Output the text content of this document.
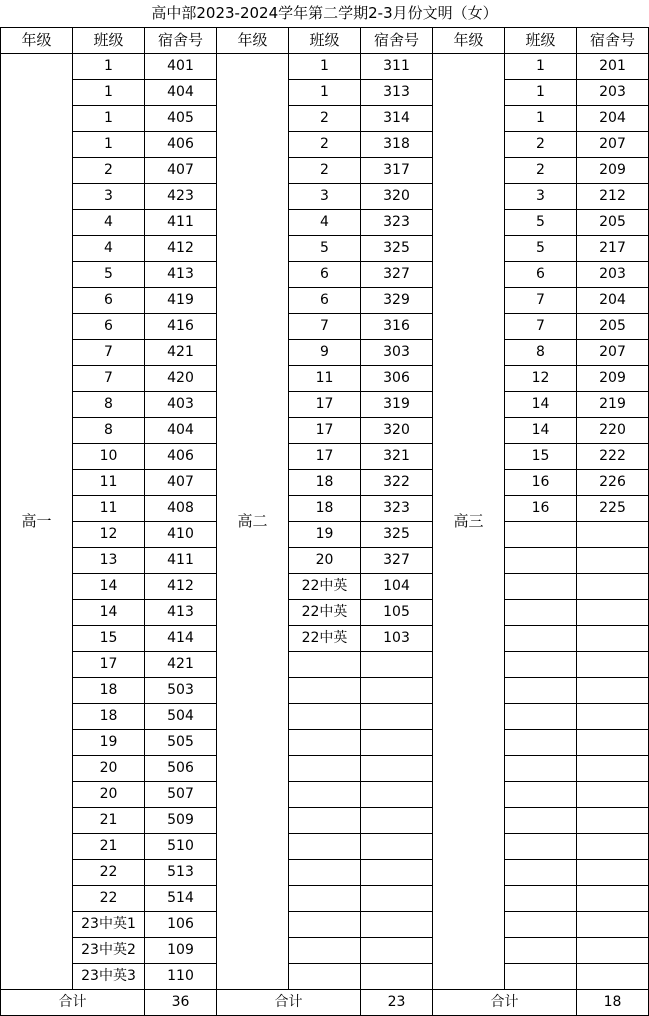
高中部2023-2024学年第二学期2-3月份文明（女）
年级	班级	宿舍号	年级	班级	宿舍号	年级	班级	宿舍号
高一	1	401	高二	1	311	高三	1	201
	1	404		1	313		1	203
	1	405		2	314		1	204
	1	406		2	318		2	207
	2	407		2	317		2	209
	3	423		3	320		3	212
	4	411		4	323		5	205
	4	412		5	325		5	217
	5	413		6	327		6	203
	6	419		6	329		7	204
	6	416		7	316		7	205
	7	421		9	303		8	207
	7	420		11	306		12	209
	8	403		17	319		14	219
	8	404		17	320		14	220
	10	406		17	321		15	222
	11	407		18	322		16	226
	11	408		18	323		16	225
	12	410		19	325			
	13	411		20	327			
	14	412		22中英	104			
	14	413		22中英	105			
	15	414		22中英	103			
	17	421						
	18	503						
	18	504						
	19	505						
	20	506						
	20	507						
	21	509						
	21	510						
	22	513						
	22	514						
	23中英1	106						
	23中英2	109						
	23中英3	110						
合计		36	合计		23	合计		18
